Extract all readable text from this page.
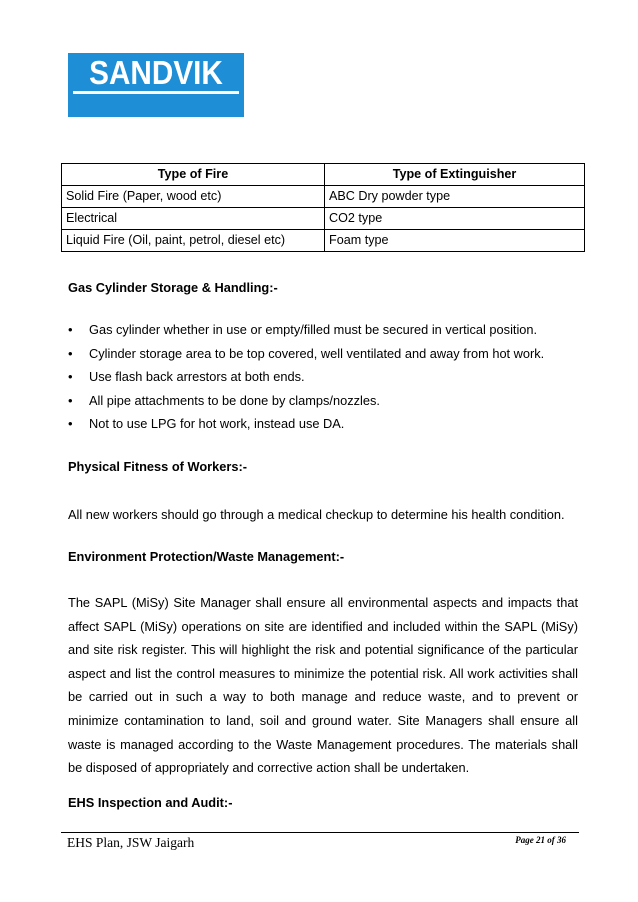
SANDVIK
Type of Fire	Type of Extinguisher
Solid Fire (Paper, wood etc)	ABC Dry powder type
Electrical	CO2 type
Liquid Fire (Oil, paint, petrol, diesel etc)	Foam type
Gas Cylinder Storage & Handling:-
• Gas cylinder whether in use or empty/filled must be secured in vertical position.
• Cylinder storage area to be top covered, well ventilated and away from hot work.
• Use flash back arrestors at both ends.
• All pipe attachments to be done by clamps/nozzles.
• Not to use LPG for hot work, instead use DA.
Physical Fitness of Workers:-
All new workers should go through a medical checkup to determine his health condition.
Environment Protection/Waste Management:-
The SAPL (MiSy) Site Manager shall ensure all environmental aspects and impacts that affect SAPL (MiSy) operations on site are identified and included within the SAPL (MiSy) and site risk register. This will highlight the risk and potential significance of the particular aspect and list the control measures to minimize the potential risk. All work activities shall be carried out in such a way to both manage and reduce waste, and to prevent or minimize contamination to land, soil and ground water. Site Managers shall ensure all waste is managed according to the Waste Management procedures. The materials shall be disposed of appropriately and corrective action shall be undertaken.
EHS Inspection and Audit:-
EHS Plan, JSW Jaigarh	Page 21 of 36
